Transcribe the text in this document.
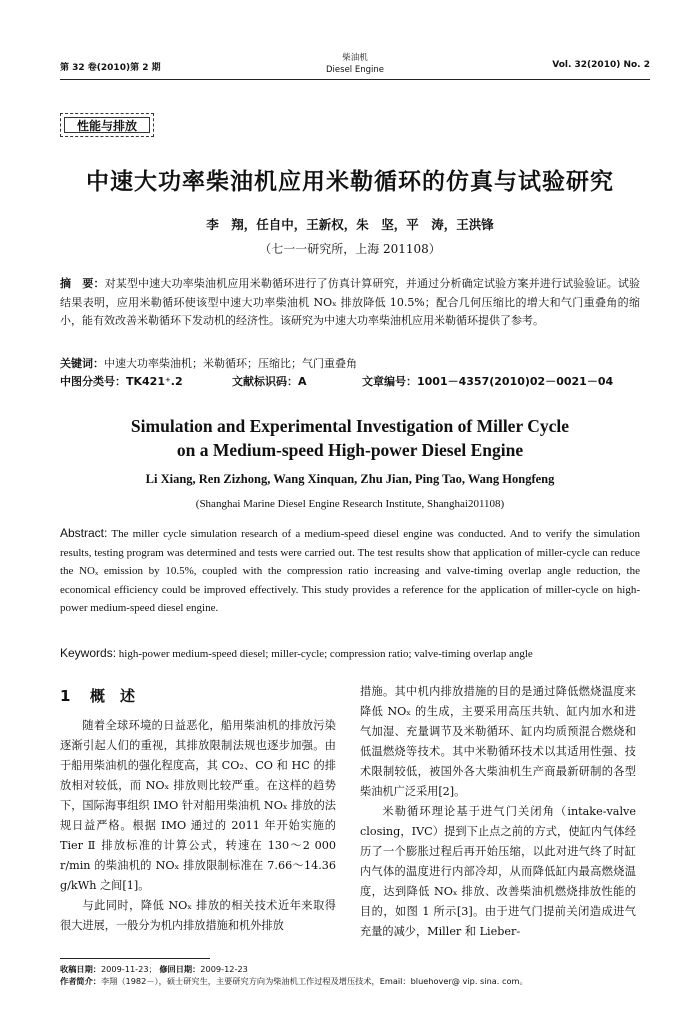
第 32 卷(2010)第 2 期
柴油机
Diesel Engine	Vol. 32(2010) No. 2
性能与排放
中速大功率柴油机应用米勒循环的仿真与试验研究
李　翔，任自中，王新权，朱　坚，平　涛，王洪锋
（七一一研究所，上海 201108）

摘　要：对某型中速大功率柴油机应用米勒循环进行了仿真计算研究，并通过分析确定试验方案并进行试验验证。试验结果表明，应用米勒循环使该型中速大功率柴油机 NOₓ 排放降低 10.5%；配合几何压缩比的增大和气门重叠角的缩小，能有效改善米勒循环下发动机的经济性。该研究为中速大功率柴油机应用米勒循环提供了参考。

关键词：中速大功率柴油机；米勒循环；压缩比；气门重叠角

中图分类号：TK421⁺.2	文献标识码：A	文章编号：1001－4357(2010)02－0021－04

Simulation and Experimental Investigation of Miller Cycle
on a Medium-speed High-power Diesel Engine
Li Xiang, Ren Zizhong, Wang Xinquan, Zhu Jian, Ping Tao, Wang Hongfeng
(Shanghai Marine Diesel Engine Research Institute, Shanghai201108)

Abstract: The miller cycle simulation research of a medium-speed diesel engine was conducted. And to verify the simulation results, testing program was determined and tests were carried out. The test results show that application of miller-cycle can reduce the NOₓ emission by 10.5%, coupled with the compression ratio increasing and valve-timing overlap angle reduction, the economical efficiency could be improved effectively. This study provides a reference for the application of miller-cycle on high-power medium-speed diesel engine.

Keywords: high-power medium-speed diesel; miller-cycle; compression ratio; valve-timing overlap angle

1 概　述

随着全球环境的日益恶化，船用柴油机的排放污染逐渐引起人们的重视，其排放限制法规也逐步加强。由于船用柴油机的强化程度高，其 CO₂、CO 和 HC 的排放相对较低，而 NOₓ 排放则比较严重。在这样的趋势下，国际海事组织 IMO 针对船用柴油机 NOₓ 排放的法规日益严格。根据 IMO 通过的 2011 年开始实施的 Tier Ⅱ 排放标准的计算公式，转速在 130～2 000 r/min 的柴油机的 NOₓ 排放限制标准在 7.66～14.36 g/kWh 之间[1]。

与此同时，降低 NOₓ 排放的相关技术近年来取得很大进展，一般分为机内排放措施和机外排放

措施。其中机内排放措施的目的是通过降低燃烧温度来降低 NOₓ 的生成，主要采用高压共轨、缸内加水和进气加湿、充量调节及米勒循环、缸内均质预混合燃烧和低温燃烧等技术。其中米勒循环技术以其适用性强、技术限制较低，被国外各大柴油机生产商最新研制的各型柴油机广泛采用[2]。

米勒循环理论基于进气门关闭角（intake-valve closing，IVC）提到下止点之前的方式，使缸内气体经历了一个膨胀过程后再开始压缩，以此对进气终了时缸内气体的温度进行内部冷却，从而降低缸内最高燃烧温度，达到降低 NOₓ 排放、改善柴油机燃烧排放性能的目的，如图 1 所示[3]。由于进气门提前关闭造成进气充量的减少，Miller 和 Lieber-

收稿日期：2009-11-23； 修回日期：2009-12-23
作者简介：李翔（1982－），硕士研究生，主要研究方向为柴油机工作过程及增压技术，Email：bluehover@ vip. sina. com。
